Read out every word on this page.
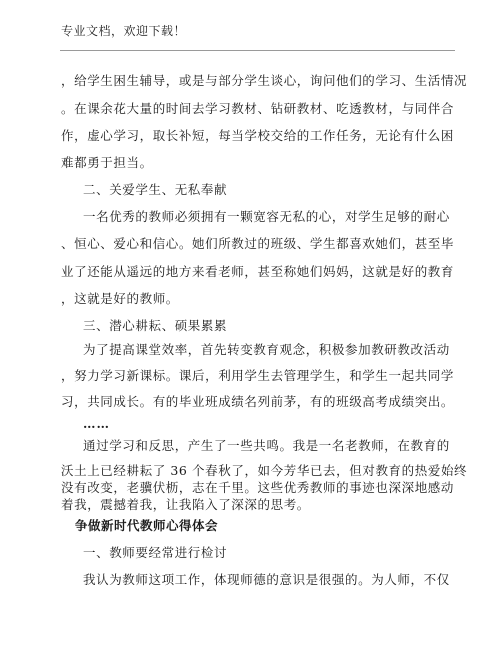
专业文档，欢迎下载！
，给学生困生辅导，或是与部分学生谈心，询问他们的学习、生活情况
。在课余花大量的时间去学习教材、钻研教材、吃透教材，与同伴合
作，虚心学习，取长补短，每当学校交给的工作任务，无论有什么困
难都勇于担当。
二、关爱学生、无私奉献
一名优秀的教师必须拥有一颗宽容无私的心，对学生足够的耐心
、恒心、爱心和信心。她们所教过的班级、学生都喜欢她们，甚至毕
业了还能从遥远的地方来看老师，甚至称她们妈妈，这就是好的教育
，这就是好的教师。
三、潜心耕耘、硕果累累
为了提高课堂效率，首先转变教育观念，积极参加教研教改活动
，努力学习新课标。课后，利用学生去管理学生，和学生一起共同学
习，共同成长。有的毕业班成绩名列前茅，有的班级高考成绩突出。
……
通过学习和反思，产生了一些共鸣。我是一名老教师，在教育的
沃土上已经耕耘了 36 个春秋了，如今芳华已去，但对教育的热爱始终
没有改变，老骥伏枥，志在千里。这些优秀教师的事迹也深深地感动
着我，震撼着我，让我陷入了深深的思考。
争做新时代教师心得体会
一、教师要经常进行检讨
我认为教师这项工作，体现师德的意识是很强的。为人师，不仅
